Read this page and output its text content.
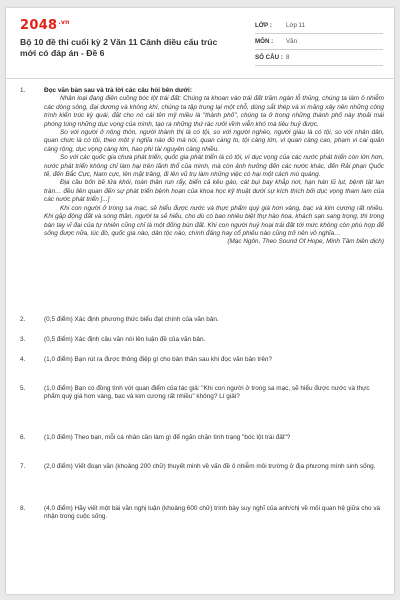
$2048^{.vn}$
Bộ 10 đề thi cuối kỳ 2 Văn 11 Cánh diều cấu trúc mới có đáp án - Đề 6
LỚP :	Lớp 11
MÔN :	Văn
SỐ CÂU : 8
1.	Đọc văn bản sau và trả lời các câu hỏi bên dưới:

Nhân loại đang điên cuồng bóc lột trái đất: Chúng ta khoan vào trái đất trăm ngàn lỗ thủng, chúng ta làm ô nhiễm các dòng sông, đại dương và không khí, chúng ta tập trung lại một chỗ, dùng sắt thép và xi măng xây nên những công trình kiến trúc kỳ quái, đặt cho nó cái tên mỹ miều là "thành phố", chúng ta ở trong những thành phố này thoải mái phóng túng những dục vọng của mình, tạo ra những thứ rác rưởi vĩnh viễn khó mà tiêu huỷ được.

So với người ở nông thôn, người thành thị là có tội, so với người nghèo, người giàu là có tội, so với nhân dân, quan chức là có tội, theo một ý nghĩa nào đó mà nói, quan càng to, tội càng lớn, vì quan càng cao, phạm vi cai quản càng rộng, dục vọng càng lớn, hao phí tài nguyên càng nhiều.

So với các quốc gia chưa phát triển, quốc gia phát triển là có tội, vì dục vọng của các nước phát triển còn lớn hơn, nước phát triển không chỉ làm hại trên lãnh thổ của mình, mà còn ảnh hưởng đến các nước khác, đến Rải phạn Quốc tế, đến Bắc Cực, Nam cực, lên mặt trăng, đi lên vũ trụ làm những việc có hại một cách mù quáng.

Địa cầu bốn bề lửa khói, toàn thân run rẩy, biển cả kêu gào, cát bụi bay khắp nơi, hạn hán lũ lụt, bệnh tật lan tràn… đều liên quan đến sự phát triển bệnh hoạn của khoa học kỹ thuật dưới sự kích thích bởi dục vọng tham lam của các nước phát triển [...]

Khi con người ở trong sa mạc, sẽ hiểu được nước và thực phẩm quý giá hơn vàng, bạc và kim cương rất nhiều. Khi gặp động đất và sóng thần, người ta sẽ hiểu, cho dù có bao nhiêu biệt thự hào hoa, khách sạn sang trọng, thì trong bàn tay vĩ đại của tự nhiên cũng chỉ là một đống bùn đất. Khi con người huỷ hoại trái đất tới mức không còn phù hợp để sống được nữa, lúc đó, quốc gia nào, dân tộc nào, chính đảng hay cổ phiếu nào cũng trở nên vô nghĩa…

(Mạc Ngôn, Theo Sound Of Hope, Minh Tâm biên dịch)
2.	(0,5 điểm) Xác định phương thức biểu đạt chính của văn bản.
3.	(0,5 điểm) Xác định câu văn nói lên luận đề của văn bản.
4.	(1,0 điểm) Bạn rút ra được thông điệp gì cho bản thân sau khi đọc văn bản trên?
5.	(1,0 điểm) Bạn có đồng tình với quan điểm của tác giả: "Khi con người ở trong sa mạc, sẽ hiểu được nước và thực phẩm quý giá hơn vàng, bạc và kim cương rất nhiều" không? Lí giải?
6.	(1,0 điểm) Theo bạn, mỗi cá nhân cần làm gì để ngăn chặn tình trạng "bóc lột trái đất"?
7.	(2,0 điểm) Viết đoạn văn (khoảng 200 chữ) thuyết minh về vấn đề ô nhiễm môi trường ở địa phương mình sinh sống.
8.	(4,0 điểm) Hãy viết một bài văn nghị luận (khoảng 600 chữ) trình bày suy nghĩ của anh/chị về mối quan hệ giữa cho và nhận trong cuộc sống.
